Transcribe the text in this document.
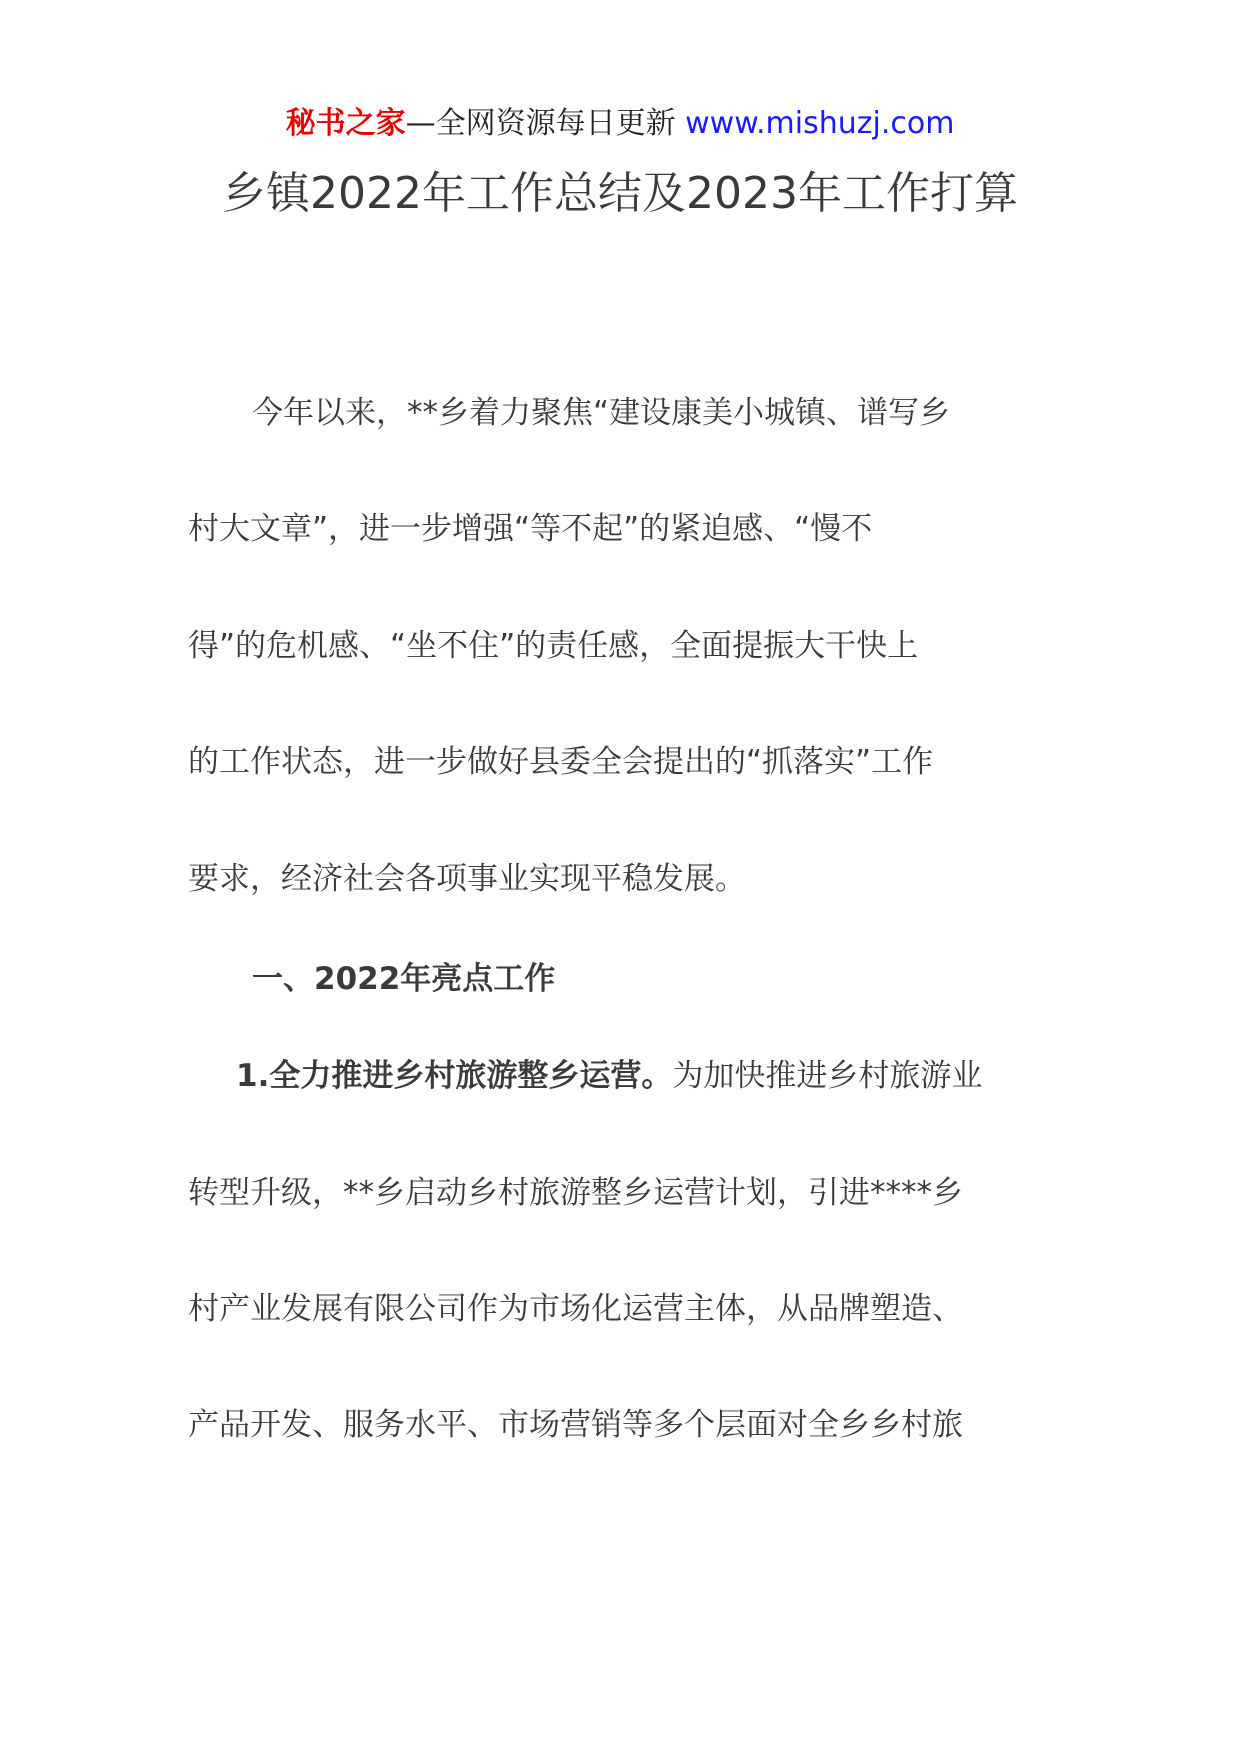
秘书之家—全网资源每日更新 www.mishuzj.com
乡镇2022年工作总结及2023年工作打算
今年以来，**乡着力聚焦“建设康美小城镇、谱写乡
村大文章”，进一步增强“等不起”的紧迫感、“慢不
得”的危机感、“坐不住”的责任感，全面提振大干快上
的工作状态，进一步做好县委全会提出的“抓落实”工作
要求，经济社会各项事业实现平稳发展。
一、2022年亮点工作
1.全力推进乡村旅游整乡运营。为加快推进乡村旅游业
转型升级，**乡启动乡村旅游整乡运营计划，引进****乡
村产业发展有限公司作为市场化运营主体，从品牌塑造、
产品开发、服务水平、市场营销等多个层面对全乡乡村旅
